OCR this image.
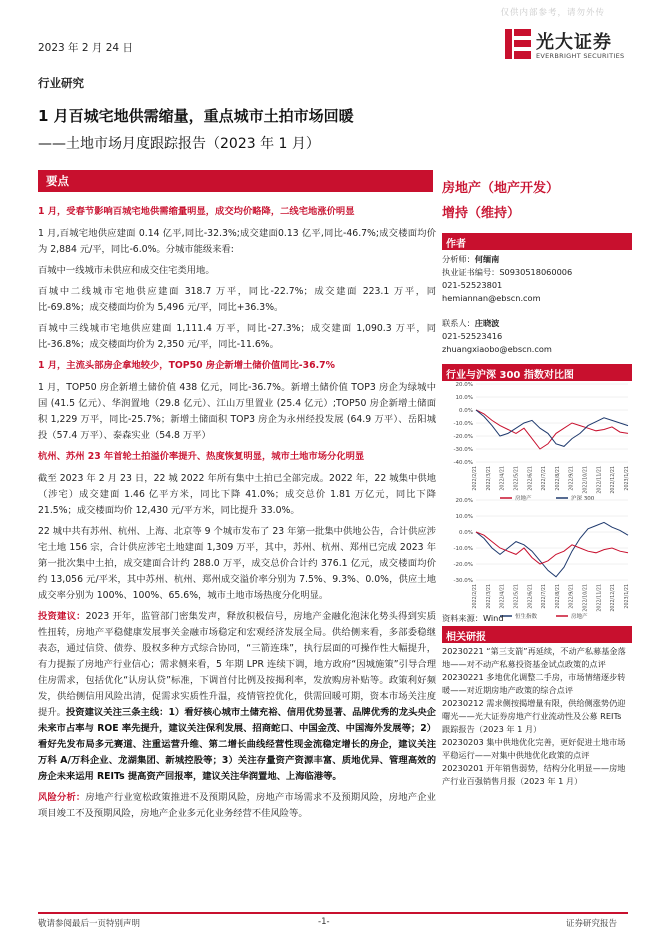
仅供内部参考，请勿外传
2023 年 2 月 24 日	光大证券
EVERBRIGHT SECURITIES
行业研究
1 月百城宅地供需缩量，重点城市土拍市场回暖
——土地市场月度跟踪报告（2023 年 1 月）
要点

1 月，受春节影响百城宅地供需缩量明显，成交均价略降，二线宅地涨价明显

1 月,百城宅地供应建面 0.14 亿平,同比-32.3%;成交建面0.13 亿平,同比-46.7%;成交楼面均价为 2,884 元/平，同比-6.0%。分城市能级来看:

百城中一线城市未供应和成交住宅类用地。

百城中二线城市宅地供应建面 318.7 万平，同比-22.7%；成交建面 223.1 万平，同比-69.8%；成交楼面均价为 5,496 元/平，同比+36.3%。

百城中三线城市宅地供应建面 1,111.4 万平，同比-27.3%；成交建面 1,090.3 万平，同比-36.8%；成交楼面均价为 2,350 元/平，同比-11.6%。

1 月，主流头部房企拿地较少，TOP50 房企新增土储价值同比-36.7%

1 月，TOP50 房企新增土储价值 438 亿元，同比-36.7%。新增土储价值 TOP3 房企为绿城中国 (41.5 亿元）、华润置地（29.8 亿元）、江山万里置业 (25.4 亿元）;TOP50 房企新增土储面积 1,229 万平，同比-25.7%；新增土储面积 TOP3 房企为永州经投发展 (64.9 万平）、岳阳城投（57.4 万平）、泰森实业（54.8 万平）

杭州、苏州 23 年首轮土拍溢价率提升、热度恢复明显，城市土地市场分化明显

截至 2023 年 2 月 23 日，22 城 2022 年所有集中土拍已全部完成。2022 年，22 城集中供地（涉宅）成交建面 1.46 亿平方米，同比下降 41.0%；成交总价 1.81 万亿元，同比下降 21.5%；成交楼面均价 12,430 元/平方米，同比提升 33.0%。

22 城中共有苏州、杭州、上海、北京等 9 个城市发布了 23 年第一批集中供地公告，合计供应涉宅土地 156 宗，合计供应涉宅土地建面 1,309 万平，其中，苏州、杭州、郑州已完成 2023 年第一批次集中土拍，成交建面合计约 288.0 万平，成交总价合计约 376.1 亿元，成交楼面均价约 13,056 元/平米，其中苏州、杭州、郑州成交溢价率分别为 7.5%、9.3%、0.0%，供应土地成交率分别为 100%、100%、65.6%，城市土地市场热度分化明显。

投资建议：2023 开年，监管部门密集发声，释放积极信号，房地产金融化泡沫化势头得到实质性扭转，房地产平稳健康发展事关金融市场稳定和宏观经济发展全局。供给侧来看，多部委稳继表态，通过信贷、债券、股权多种方式综合协同，“三箭连珠”，执行层面的可操作性大幅提升，有力提振了房地产行业信心；需求侧来看，5 年期 LPR 连续下调，地方政府“因城施策”引导合理住房需求，包括优化“认房认贷”标准，下调首付比例及按揭利率，发放购房补贴等。政策利好频发，供给侧信用风险出清，促需求实质性升温，疫情管控优化，供需回暖可期，资本市场关注度提升。投资建议关注三条主线：1）看好核心城市土储充裕、信用优势显著、品牌优秀的龙头央企未来市占率与 ROE 率先提升，建议关注保利发展、招商蛇口、中国金茂、中国海外发展等；2）看好先发布局多元赛道、注重运营升维、第二增长曲线经营性现金流稳定增长的房企，建议关注万科 A/万科企业、龙湖集团、新城控股等；3）关注存量资产资源丰富、质地优异、管理高效的房企未来运用 REITs 提高资产回报率，建议关注华润置地、上海临港等。

风险分析：房地产行业宽松政策推进不及预期风险，房地产市场需求不及预期风险，房地产企业项目竣工不及预期风险，房地产企业多元化业务经营不佳风险等。

房地产（地产开发）
增持（维持）
作者
分析师：何缅南
执业证书编号：S0930518060006
021-52523801
hemiannan@ebscn.com
联系人：庄晓波
021-52523416
zhuangxiaobo@ebscn.com
行业与沪深 300 指数对比图
20.0%
10.0%
0.0%
-10.0%
-20.0%
-30.0%
-40.0%
2022/2/21 2022/3/21 2022/4/21 2022/5/21 2022/6/21 2022/7/21 2022/8/21 2022/9/21 2022/10/21 2022/11/21 2022/12/21 2023/1/21
房地产	沪深 300
20.0%
10.0%
0.0%
-10.0%
-20.0%
-30.0%
2022/2/21 2022/3/21 2022/4/21 2022/5/21 2022/6/21 2022/7/21 2022/8/21 2022/9/21 2022/10/21 2022/11/21 2022/12/21 2023/1/21
恒生指数	房地产
资料来源：Wind
相关研报

20230221 “第三支箭”再延续，不动产私募基金落地——对不动产私募投资基金试点政策的点评

20230221 多地优化调整二手房，市场情绪逐步转暖——对近期房地产政策的综合点评

20230212 需求侧按揭增量有限，供给侧涨势仍迎曙光——光大证券房地产行业流动性及公募 REITs 跟踪报告（2023 年 1 月）

20230203 集中供地优化完善，更好促进土地市场平稳运行——对集中供地优化政策的点评

20230201 开年销售弱势，结构分化明显——房地产行业百强销售月报（2023 年 1 月）

敬请参阅最后一页特别声明	-1-	证券研究报告
